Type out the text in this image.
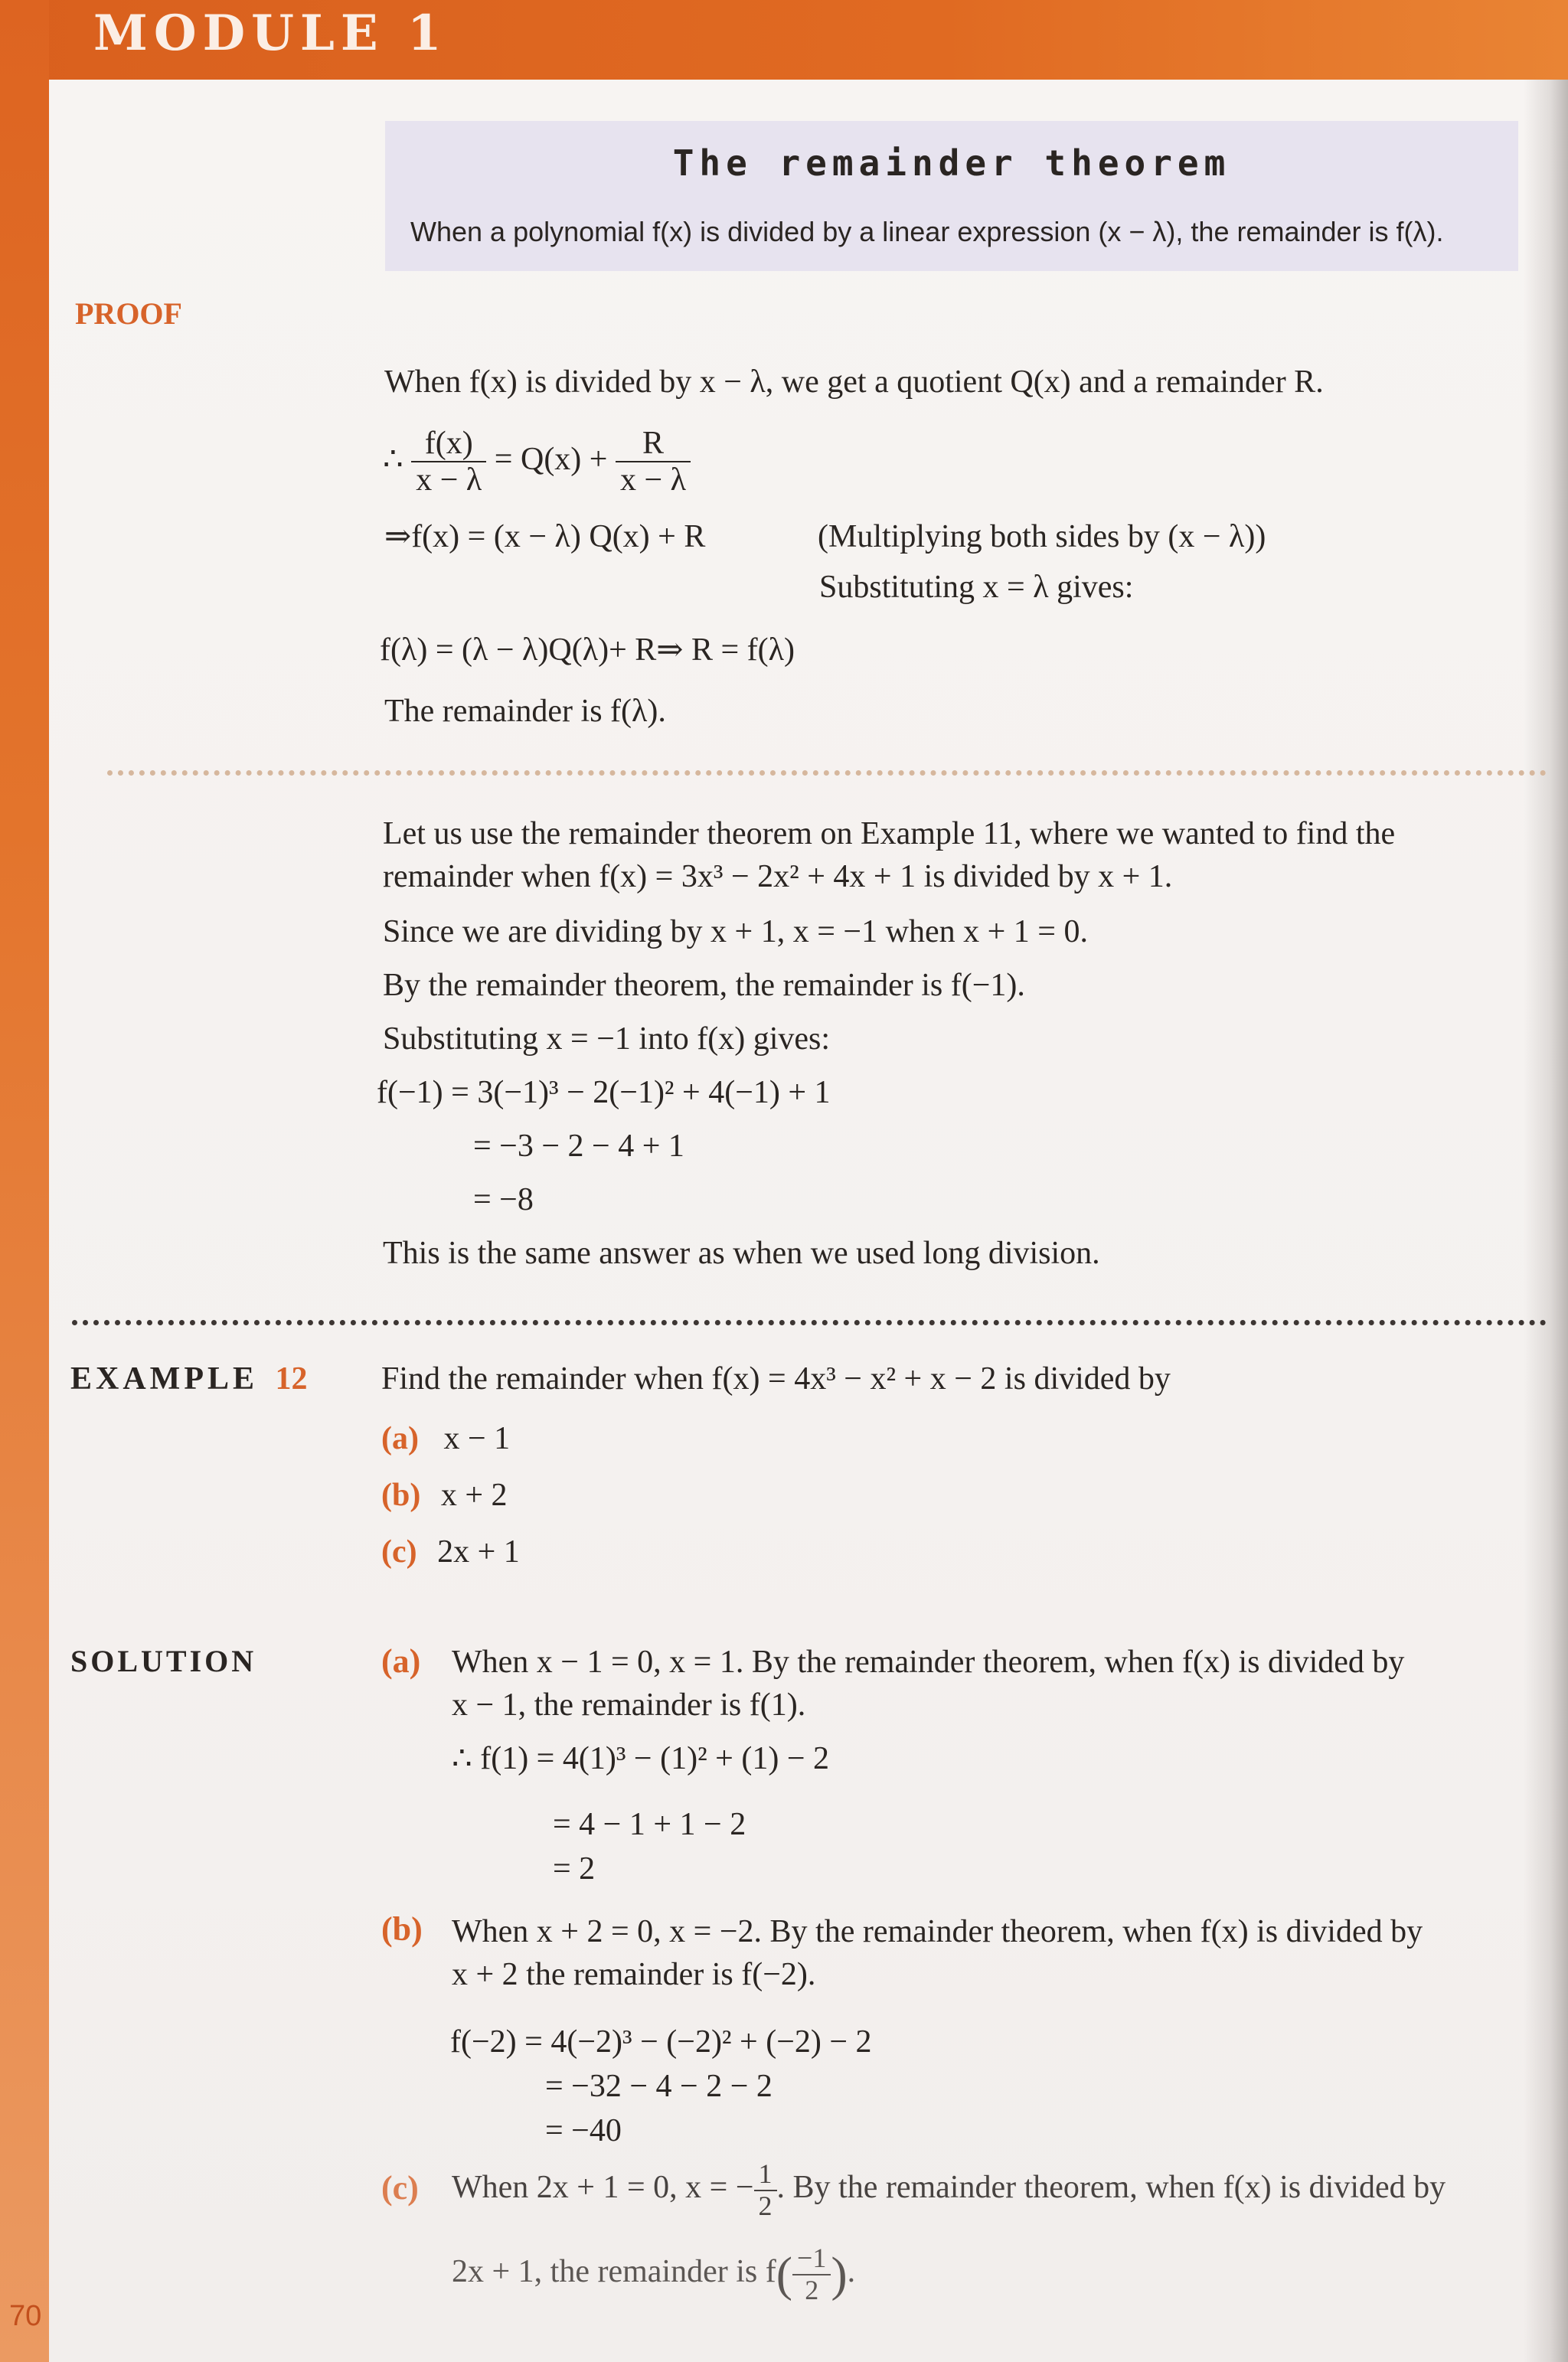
MODULE 1
The remainder theorem
When a polynomial f(x) is divided by a linear expression (x − λ), the remainder is f(λ).
PROOF
When f(x) is divided by x − λ, we get a quotient Q(x) and a remainder R.
∴ $\frac{f(x)}{x - \lambda} = Q(x) + \frac{R}{x - \lambda}$
⇒f(x) = (x − λ) Q(x) + R	(Multiplying both sides by (x − λ))
Substituting x = λ gives:
f(λ) = (λ − λ)Q(λ)+ R⇒ R = f(λ)
The remainder is f(λ).
Let us use the remainder theorem on Example 11, where we wanted to find the
remainder when f(x) = 3x³ − 2x² + 4x + 1 is divided by x + 1.
Since we are dividing by x + 1, x = −1 when x + 1 = 0.
By the remainder theorem, the remainder is f(−1).
Substituting x = −1 into f(x) gives:
f(−1) = 3(−1)³ − 2(−1)² + 4(−1) + 1
= −3 − 2 − 4 + 1
= −8
This is the same answer as when we used long division.
EXAMPLE 12 Find the remainder when f(x) = 4x³ − x² + x − 2 is divided by
(a) x − 1
(b) x + 2
(c) 2x + 1
SOLUTION	(a) When x − 1 = 0, x = 1. By the remainder theorem, when f(x) is divided by
x − 1, the remainder is f(1).
∴ f(1) = 4(1)³ − (1)² + (1) − 2
= 4 − 1 + 1 − 2
= 2
(b) When x + 2 = 0, x = −2. By the remainder theorem, when f(x) is divided by
x + 2 the remainder is f(−2).
f(−2) = 4(−2)³ − (−2)² + (−2) − 2
= −32 − 4 − 2 − 2
= −40
(c) When 2x + 1 = 0, x = − $\frac{1}{2}$ . By the remainder theorem, when f(x) is divided by
2x + 1, the remainder is $f( \frac{-1}{2}$ ).
70
